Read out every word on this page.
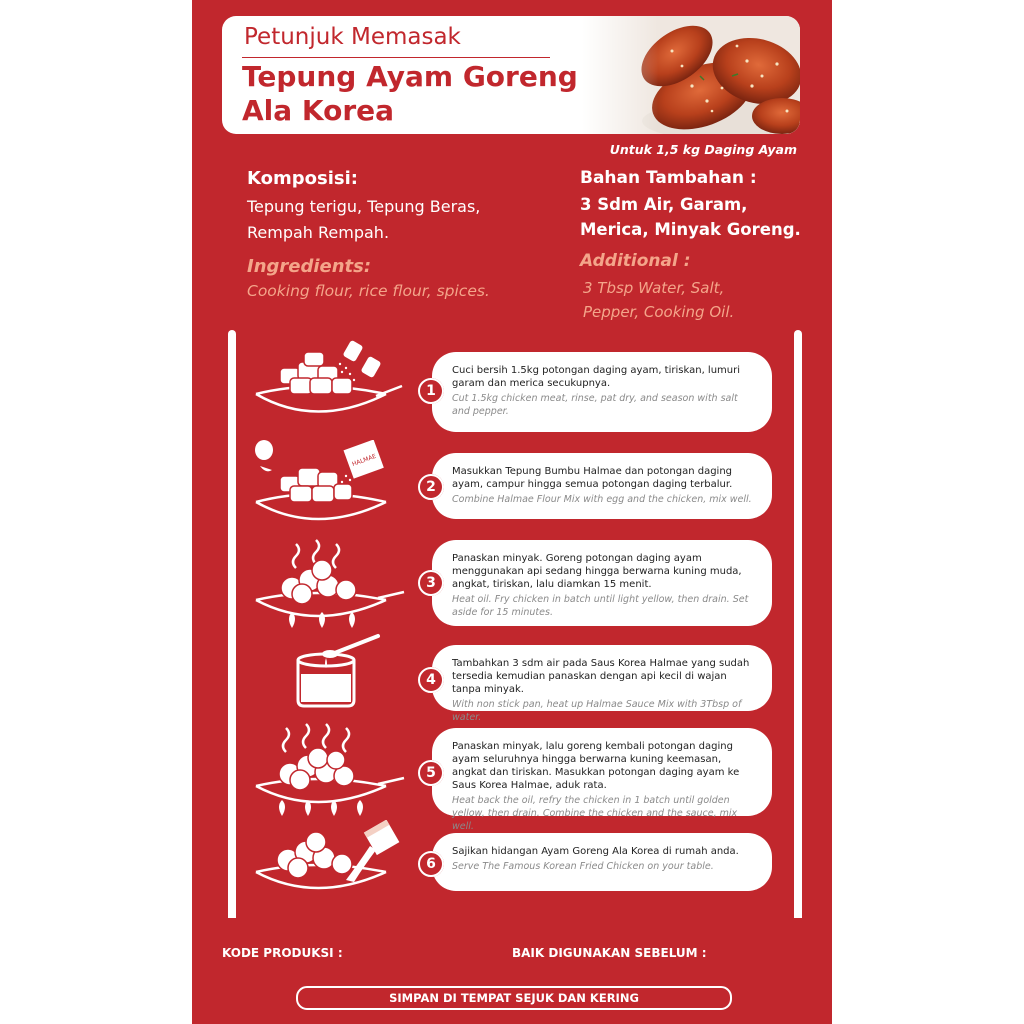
Petunjuk Memasak
Tepung Ayam Goreng
Ala Korea
Untuk 1,5 kg Daging Ayam
Komposisi:
Tepung terigu, Tepung Beras,
Rempah Rempah.
Ingredients:
Cooking flour, rice flour, spices.
Bahan Tambahan :
3 Sdm Air, Garam,
Merica, Minyak Goreng.
Additional :
3 Tbsp Water, Salt,
Pepper, Cooking Oil.
Cuci bersih 1.5kg potongan daging ayam, tiriskan, lumuri garam dan merica secukupnya.
Cut 1.5kg chicken meat, rinse, pat dry, and season with salt and pepper.
1
HALMAE
Masukkan Tepung Bumbu Halmae dan potongan daging ayam, campur hingga semua potongan daging terbalur.
Combine Halmae Flour Mix with egg and the chicken, mix well.
2
Panaskan minyak. Goreng potongan daging ayam menggunakan api sedang hingga berwarna kuning muda, angkat, tiriskan, lalu diamkan 15 menit.
Heat oil. Fry chicken in batch until light yellow, then drain. Set aside for 15 minutes.
3
Tambahkan 3 sdm air pada Saus Korea Halmae yang sudah tersedia kemudian panaskan dengan api kecil di wajan tanpa minyak.
With non stick pan, heat up Halmae Sauce Mix with 3Tbsp of water.
4
Panaskan minyak, lalu goreng kembali potongan daging ayam seluruhnya hingga berwarna kuning keemasan, angkat dan tiriskan. Masukkan potongan daging ayam ke Saus Korea Halmae, aduk rata.
Heat back the oil, refry the chicken in 1 batch until golden yellow, then drain. Combine the chicken and the sauce, mix well.
5
Sajikan hidangan Ayam Goreng Ala Korea di rumah anda.
Serve The Famous Korean Fried Chicken on your table.
6
KODE PRODUKSI :	BAIK DIGUNAKAN SEBELUM :
SIMPAN DI TEMPAT SEJUK DAN KERING
